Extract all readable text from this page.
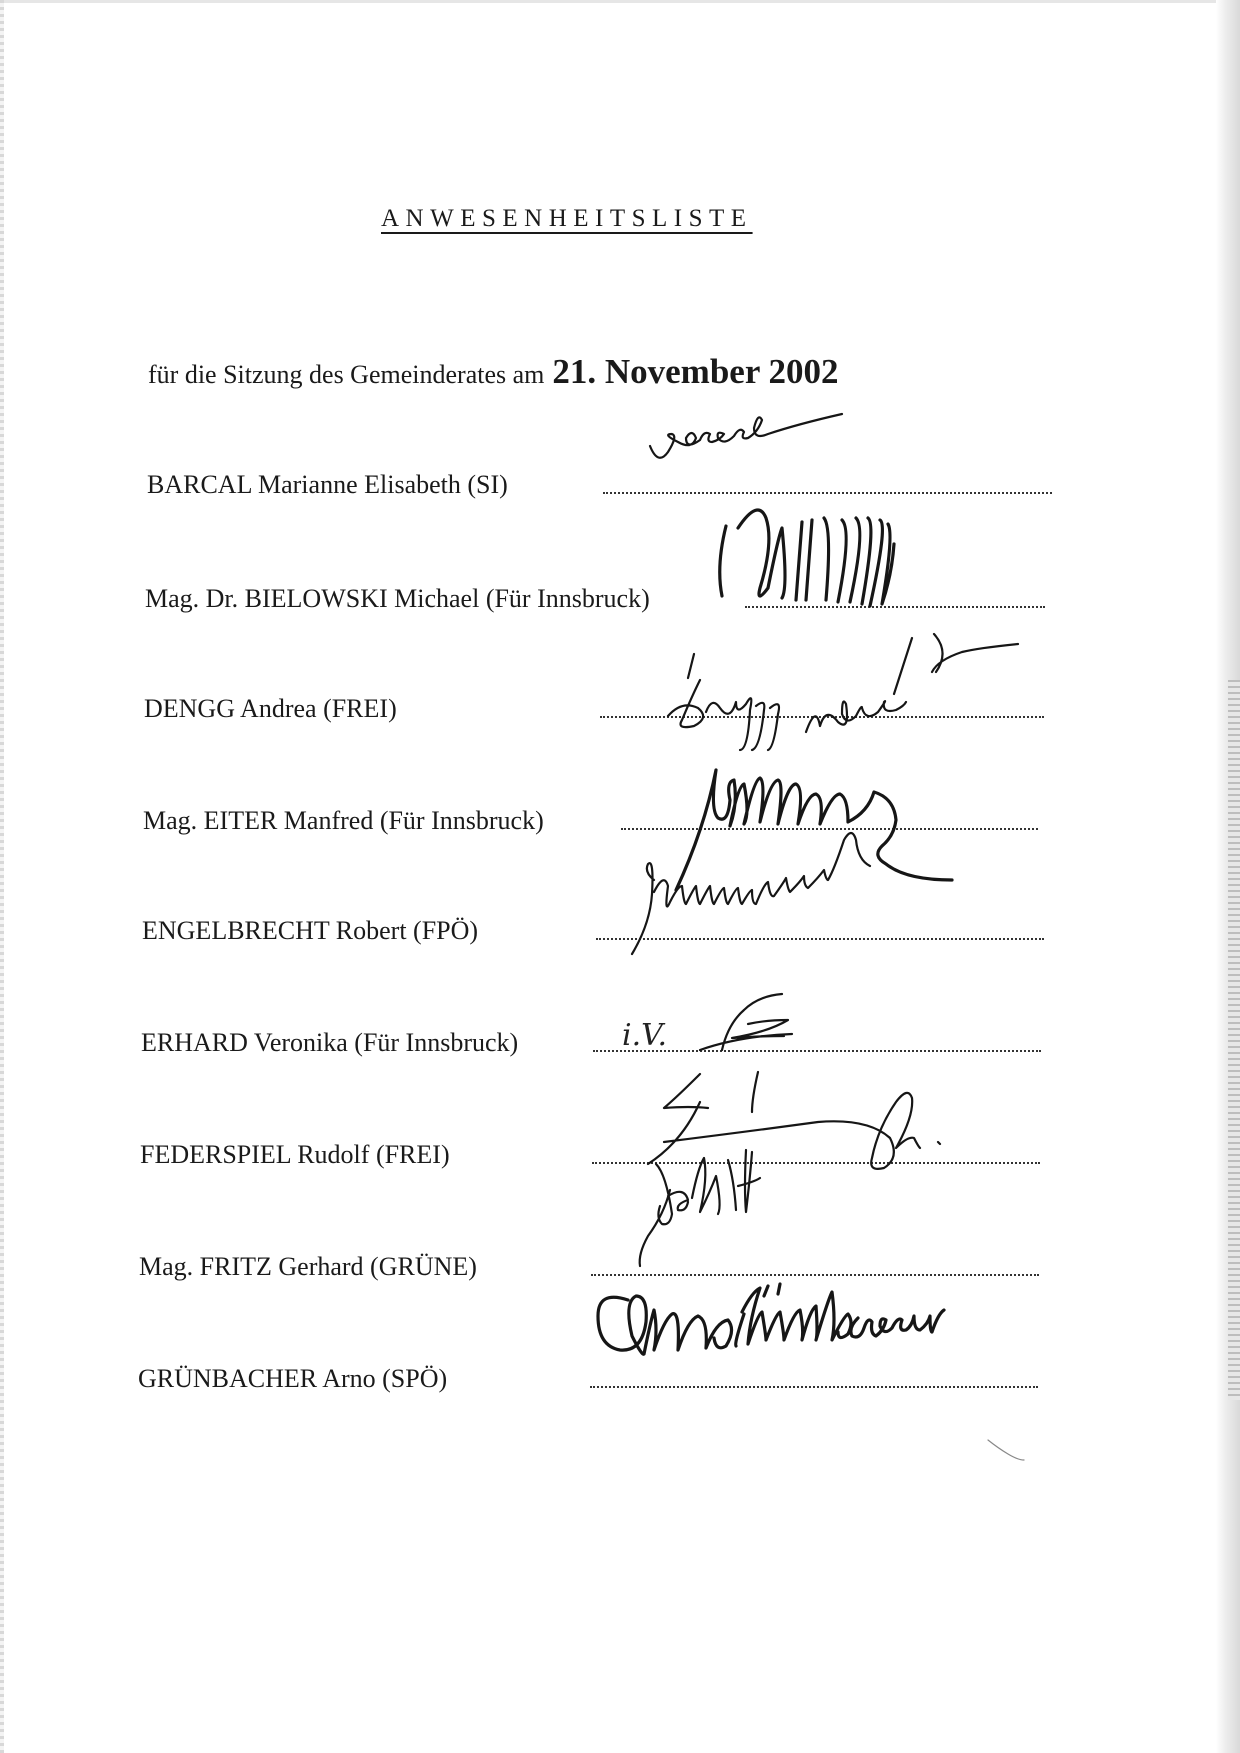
ANWESENHEITSLISTE
für die Sitzung des Gemeinderates am 21. November 2002
BARCAL Marianne Elisabeth (SI)
Mag. Dr. BIELOWSKI Michael (Für Innsbruck)
DENGG Andrea (FREI)
Mag. EITER Manfred (Für Innsbruck)
ENGELBRECHT Robert (FPÖ)
ERHARD Veronika (Für Innsbruck)
FEDERSPIEL Rudolf (FREI)
Mag. FRITZ Gerhard (GRÜNE)
GRÜNBACHER Arno (SPÖ)
i.V.
